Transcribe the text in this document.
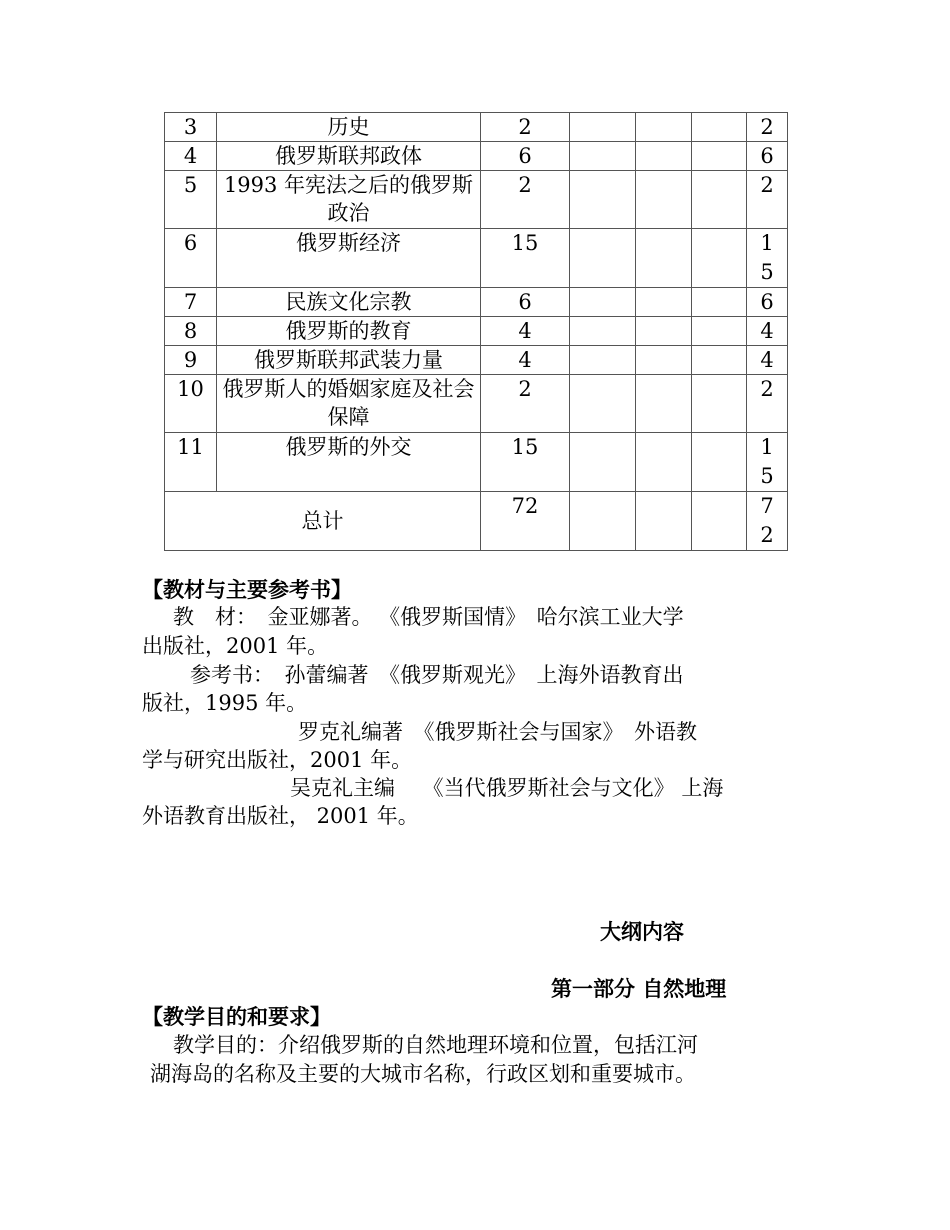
3	历史	2				2
4	俄罗斯联邦政体	6				6
5	1993 年宪法之后的俄罗斯政治	2				2
6	俄罗斯经济	15				15

7	民族文化宗教	6				6
8	俄罗斯的教育	4				4
9	俄罗斯联邦武装力量	4				4
10	俄罗斯人的婚姻家庭及社会保障	2				2
11	俄罗斯的外交	15				15

总计		72				72
【教材与主要参考书】
教　材：　金亚娜著。 《俄罗斯国情》　哈尔滨工业大学
出版社，2001 年。
参考书：　孙蕾编著　《俄罗斯观光》　上海外语教育出
版社，1995 年。
罗克礼编著　《俄罗斯社会与国家》　外语教
学与研究出版社，2001 年。
吴克礼主编　 《当代俄罗斯社会与文化》 上海
外语教育出版社， 2001 年。
大纲内容
第一部分 自然地理
【教学目的和要求】
教学目的：介绍俄罗斯的自然地理环境和位置，包括江河
湖海岛的名称及主要的大城市名称，行政区划和重要城市。
